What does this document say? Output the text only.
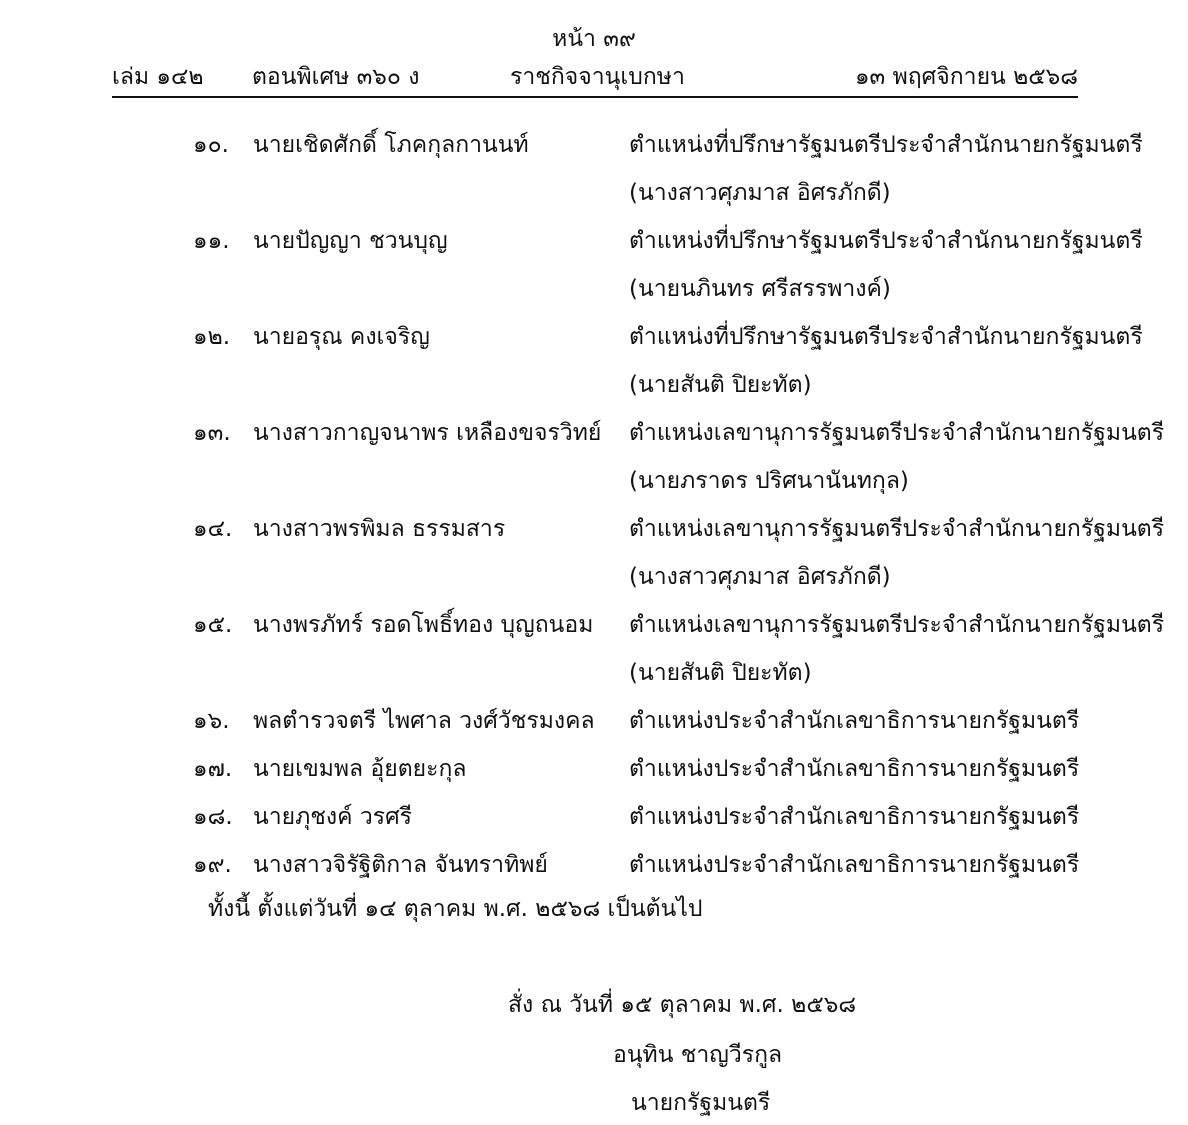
หน้า ๓๙
เล่ม ๑๔๒ ตอนพิเศษ ๓๖๐ ง	ราชกิจจานุเบกษา	๑๓ พฤศจิกายน ๒๕๖๘
๑๐. นายเชิดศักดิ์ โภคกุลกานนท์	ตำแหน่งที่ปรึกษารัฐมนตรีประจำสำนักนายกรัฐมนตรี
(นางสาวศุภมาส อิศรภักดี)
๑๑. นายปัญญา ชวนบุญ	ตำแหน่งที่ปรึกษารัฐมนตรีประจำสำนักนายกรัฐมนตรี
(นายนภินทร ศรีสรรพางค์)
๑๒. นายอรุณ คงเจริญ	ตำแหน่งที่ปรึกษารัฐมนตรีประจำสำนักนายกรัฐมนตรี
(นายสันติ ปิยะทัต)
๑๓. นางสาวกาญจนาพร เหลืองขจรวิทย์ ตำแหน่งเลขานุการรัฐมนตรีประจำสำนักนายกรัฐมนตรี
(นายภราดร ปริศนานันทกุล)
๑๔. นางสาวพรพิมล ธรรมสาร	ตำแหน่งเลขานุการรัฐมนตรีประจำสำนักนายกรัฐมนตรี
(นางสาวศุภมาส อิศรภักดี)
๑๕. นางพรภัทร์ รอดโพธิ์ทอง บุญถนอม ตำแหน่งเลขานุการรัฐมนตรีประจำสำนักนายกรัฐมนตรี
(นายสันติ ปิยะทัต)
๑๖. พลตำรวจตรี ไพศาล วงศ์วัชรมงคล ตำแหน่งประจำสำนักเลขาธิการนายกรัฐมนตรี
๑๗. นายเขมพล อุ้ยตยะกุล	ตำแหน่งประจำสำนักเลขาธิการนายกรัฐมนตรี
๑๘. นายภุชงค์ วรศรี	ตำแหน่งประจำสำนักเลขาธิการนายกรัฐมนตรี
๑๙. นางสาวจิรัฐิติกาล จันทราทิพย์	ตำแหน่งประจำสำนักเลขาธิการนายกรัฐมนตรี
ทั้งนี้ ตั้งแต่วันที่ ๑๔ ตุลาคม พ.ศ. ๒๕๖๘ เป็นต้นไป
สั่ง ณ วันที่ ๑๕ ตุลาคม พ.ศ. ๒๕๖๘
อนุทิน ชาญวีรกูล
นายกรัฐมนตรี
